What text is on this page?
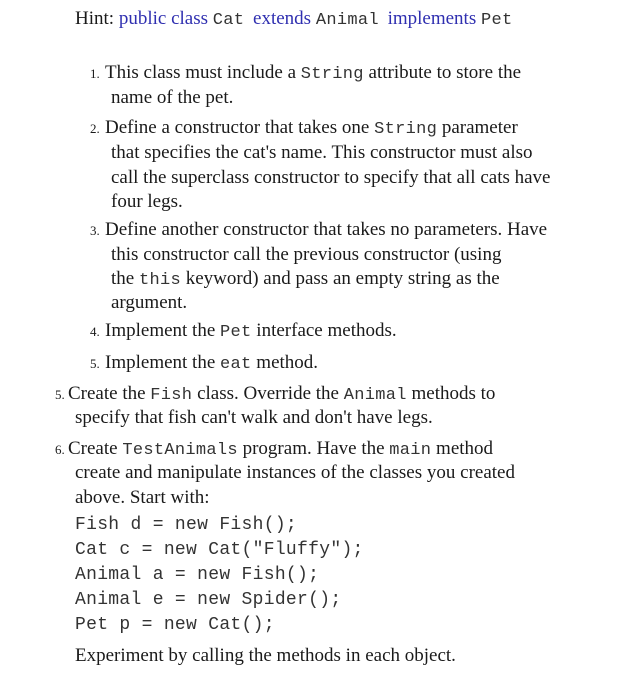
Hint: public class Cat extends Animal implements Pet
1. This class must include a String attribute to store the
name of the pet.
2. Define a constructor that takes one String parameter
that specifies the cat's name. This constructor must also
call the superclass constructor to specify that all cats have
four legs.
3. Define another constructor that takes no parameters. Have
this constructor call the previous constructor (using
the this keyword) and pass an empty string as the
argument.
4. Implement the Pet interface methods.
5. Implement the eat method.
5. Create the Fish class. Override the Animal methods to
specify that fish can't walk and don't have legs.
6. Create TestAnimals program. Have the main method
create and manipulate instances of the classes you created
above. Start with:
Fish d = new Fish();
Cat c = new Cat("Fluffy");
Animal a = new Fish();
Animal e = new Spider();
Pet p = new Cat();
Experiment by calling the methods in each object.
